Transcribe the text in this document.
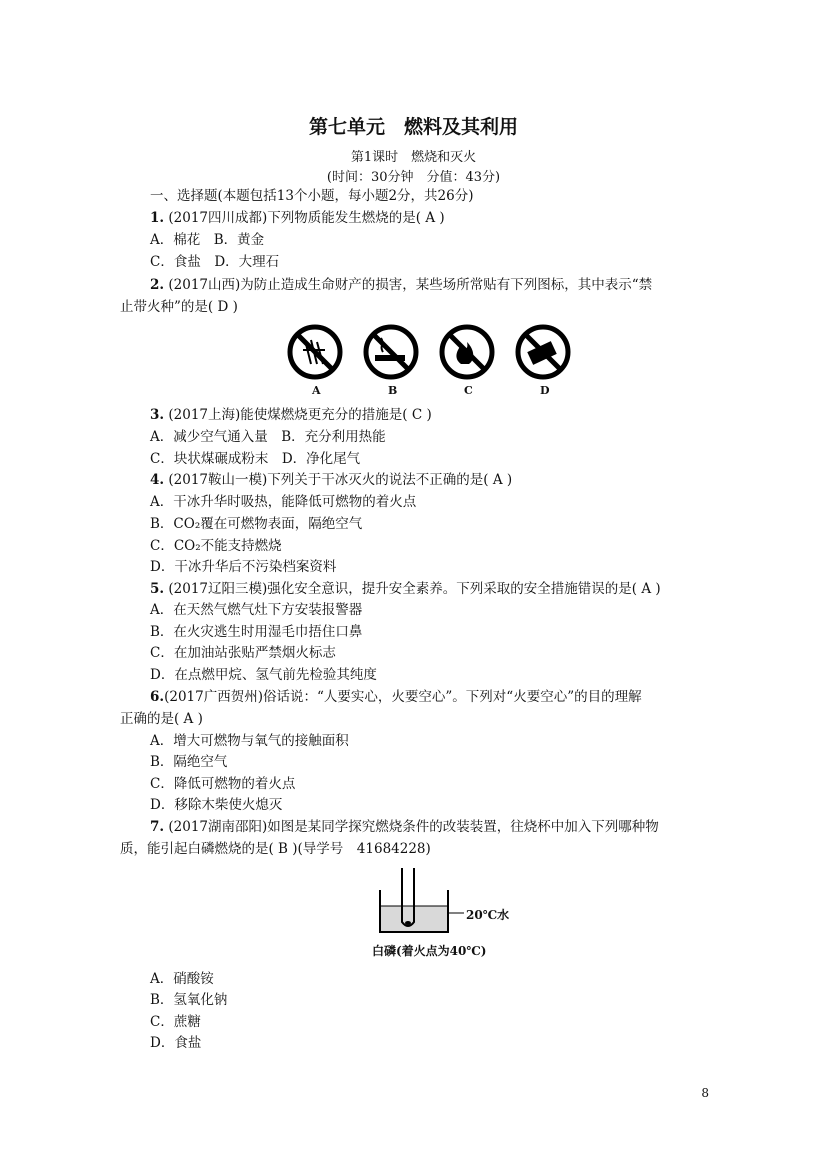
第七单元　燃料及其利用
第1课时　燃烧和灭火
(时间：30分钟　分值：43分)
一、选择题(本题包括13个小题，每小题2分，共26分)
1. (2017四川成都)下列物质能发生燃烧的是( A )
A．棉花　B．黄金
C．食盐　D．大理石
2. (2017山西)为防止造成生命财产的损害，某些场所常贴有下列图标，其中表示“禁
止带火种”的是( D )
A	B	C	D
3. (2017上海)能使煤燃烧更充分的措施是( C )
A．减少空气通入量　B．充分利用热能
C．块状煤碾成粉末　D．净化尾气
4. (2017鞍山一模)下列关于干冰灭火的说法不正确的是( A )
A．干冰升华时吸热，能降低可燃物的着火点
B．CO₂覆在可燃物表面，隔绝空气
C．CO₂不能支持燃烧
D．干冰升华后不污染档案资料
5. (2017辽阳三模)强化安全意识，提升安全素养。下列采取的安全措施错误的是( A )
A．在天然气燃气灶下方安装报警器
B．在火灾逃生时用湿毛巾捂住口鼻
C．在加油站张贴严禁烟火标志
D．在点燃甲烷、氢气前先检验其纯度
6.(2017广西贺州)俗话说：“人要实心，火要空心”。下列对“火要空心”的目的理解
正确的是( A )
A．增大可燃物与氧气的接触面积
B．隔绝空气
C．降低可燃物的着火点
D．移除木柴使火熄灭
7. (2017湖南邵阳)如图是某同学探究燃烧条件的改装装置，往烧杯中加入下列哪种物
质，能引起白磷燃烧的是( B )(导学号　41684228)
20℃水
白磷(着火点为40℃)
A．硝酸铵
B．氢氧化钠
C．蔗糖
D．食盐
8
